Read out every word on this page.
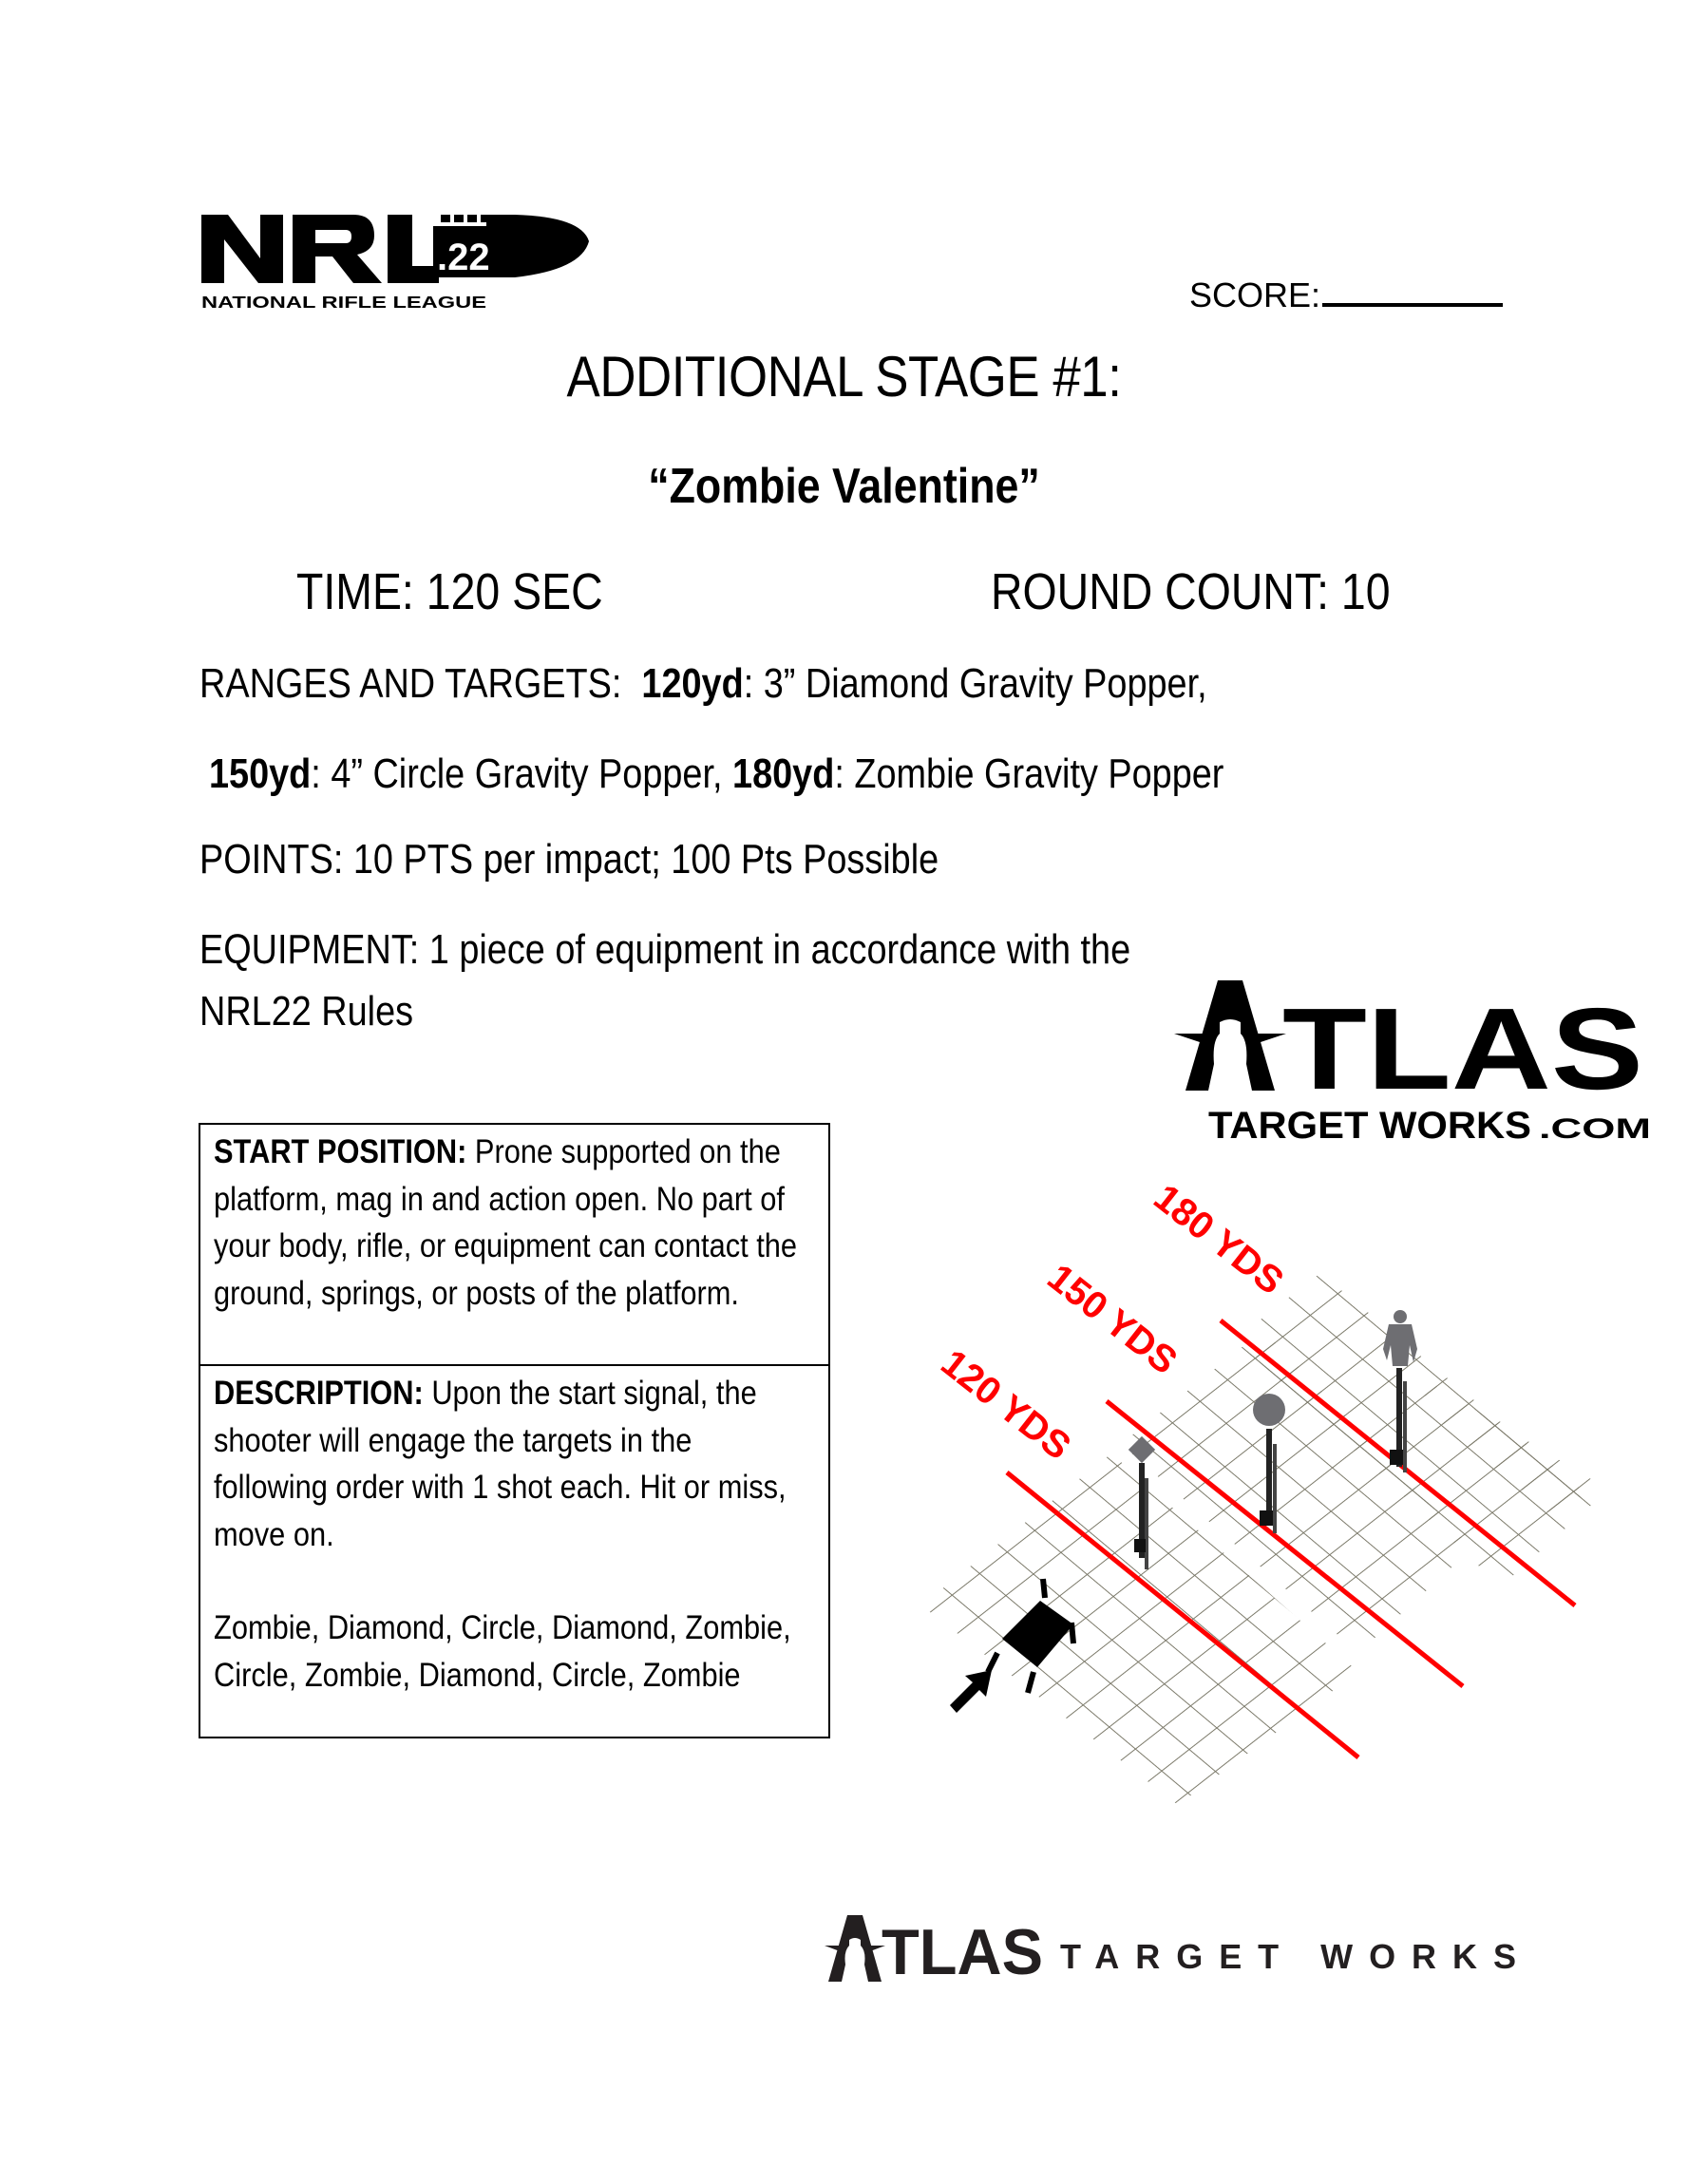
.22
NATIONAL RIFLE LEAGUE	SCORE:
ADDITIONAL STAGE #1:
“Zombie Valentine”
TIME: 120 SEC	ROUND COUNT: 10
RANGES AND TARGETS: 120yd: 3” Diamond Gravity Popper,
150yd: 4” Circle Gravity Popper, 180yd: Zombie Gravity Popper
POINTS: 10 PTS per impact; 100 Pts Possible
EQUIPMENT: 1 piece of equipment in accordance with the
NRL22 Rules
START POSITION: Prone supported on the platform, mag in and action open. No part of your body, rifle, or equipment can contact the ground, springs, or posts of the platform.
DESCRIPTION: Upon the start signal, the shooter will engage the targets in the following order with 1 shot each. Hit or miss, move on.
Zombie, Diamond, Circle, Diamond, Zombie, Circle, Zombie, Diamond, Circle, Zombie
TLAS
TARGET WORKS .COM
120 YDS
150 YDS
180 YDS
TLAS TARGET WORKS
